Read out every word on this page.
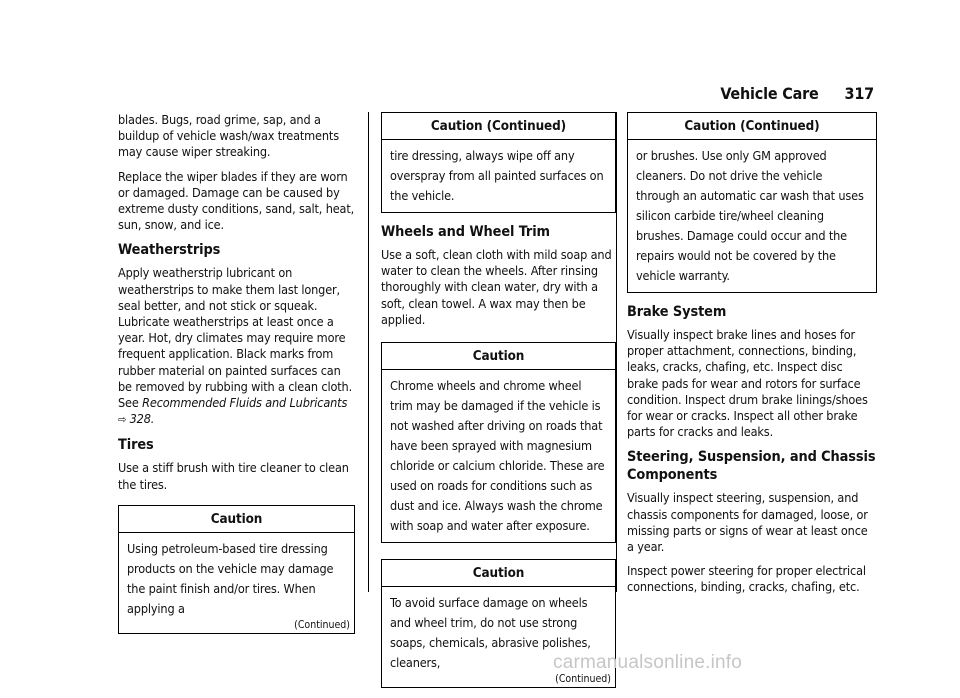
Vehicle Care 317

blades. Bugs, road grime, sap, and a buildup of vehicle wash/wax treatments may cause wiper streaking.

Replace the wiper blades if they are worn or damaged. Damage can be caused by extreme dusty conditions, sand, salt, heat, sun, snow, and ice.

Weatherstrips

Apply weatherstrip lubricant on weatherstrips to make them last longer, seal better, and not stick or squeak. Lubricate weatherstrips at least once a year. Hot, dry climates may require more frequent application. Black marks from rubber material on painted surfaces can be removed by rubbing with a clean cloth. See Recommended Fluids and Lubricants ⇨ 328.

Tires

Use a stiff brush with tire cleaner to clean the tires.

Caution
Using petroleum-based tire dressing products on the vehicle may damage the paint finish and/or tires. When applying a
(Continued)
Caution (Continued)
tire dressing, always wipe off any overspray from all painted surfaces on the vehicle.
Wheels and Wheel Trim

Use a soft, clean cloth with mild soap and water to clean the wheels. After rinsing thoroughly with clean water, dry with a soft, clean towel. A wax may then be applied.

Caution
Chrome wheels and chrome wheel trim may be damaged if the vehicle is not washed after driving on roads that have been sprayed with magnesium chloride or calcium chloride. These are used on roads for conditions such as dust and ice. Always wash the chrome with soap and water after exposure.
Caution
To avoid surface damage on wheels and wheel trim, do not use strong soaps, chemicals, abrasive polishes, cleaners,
(Continued)
Caution (Continued)
or brushes. Use only GM approved cleaners. Do not drive the vehicle through an automatic car wash that uses silicon carbide tire/wheel cleaning brushes. Damage could occur and the repairs would not be covered by the vehicle warranty.
Brake System

Visually inspect brake lines and hoses for proper attachment, connections, binding, leaks, cracks, chafing, etc. Inspect disc brake pads for wear and rotors for surface condition. Inspect drum brake linings/shoes for wear or cracks. Inspect all other brake parts for cracks and leaks.

Steering, Suspension, and Chassis Components

Visually inspect steering, suspension, and chassis components for damaged, loose, or missing parts or signs of wear at least once a year.

Inspect power steering for proper electrical connections, binding, cracks, chafing, etc.

carmanualsonline.info
